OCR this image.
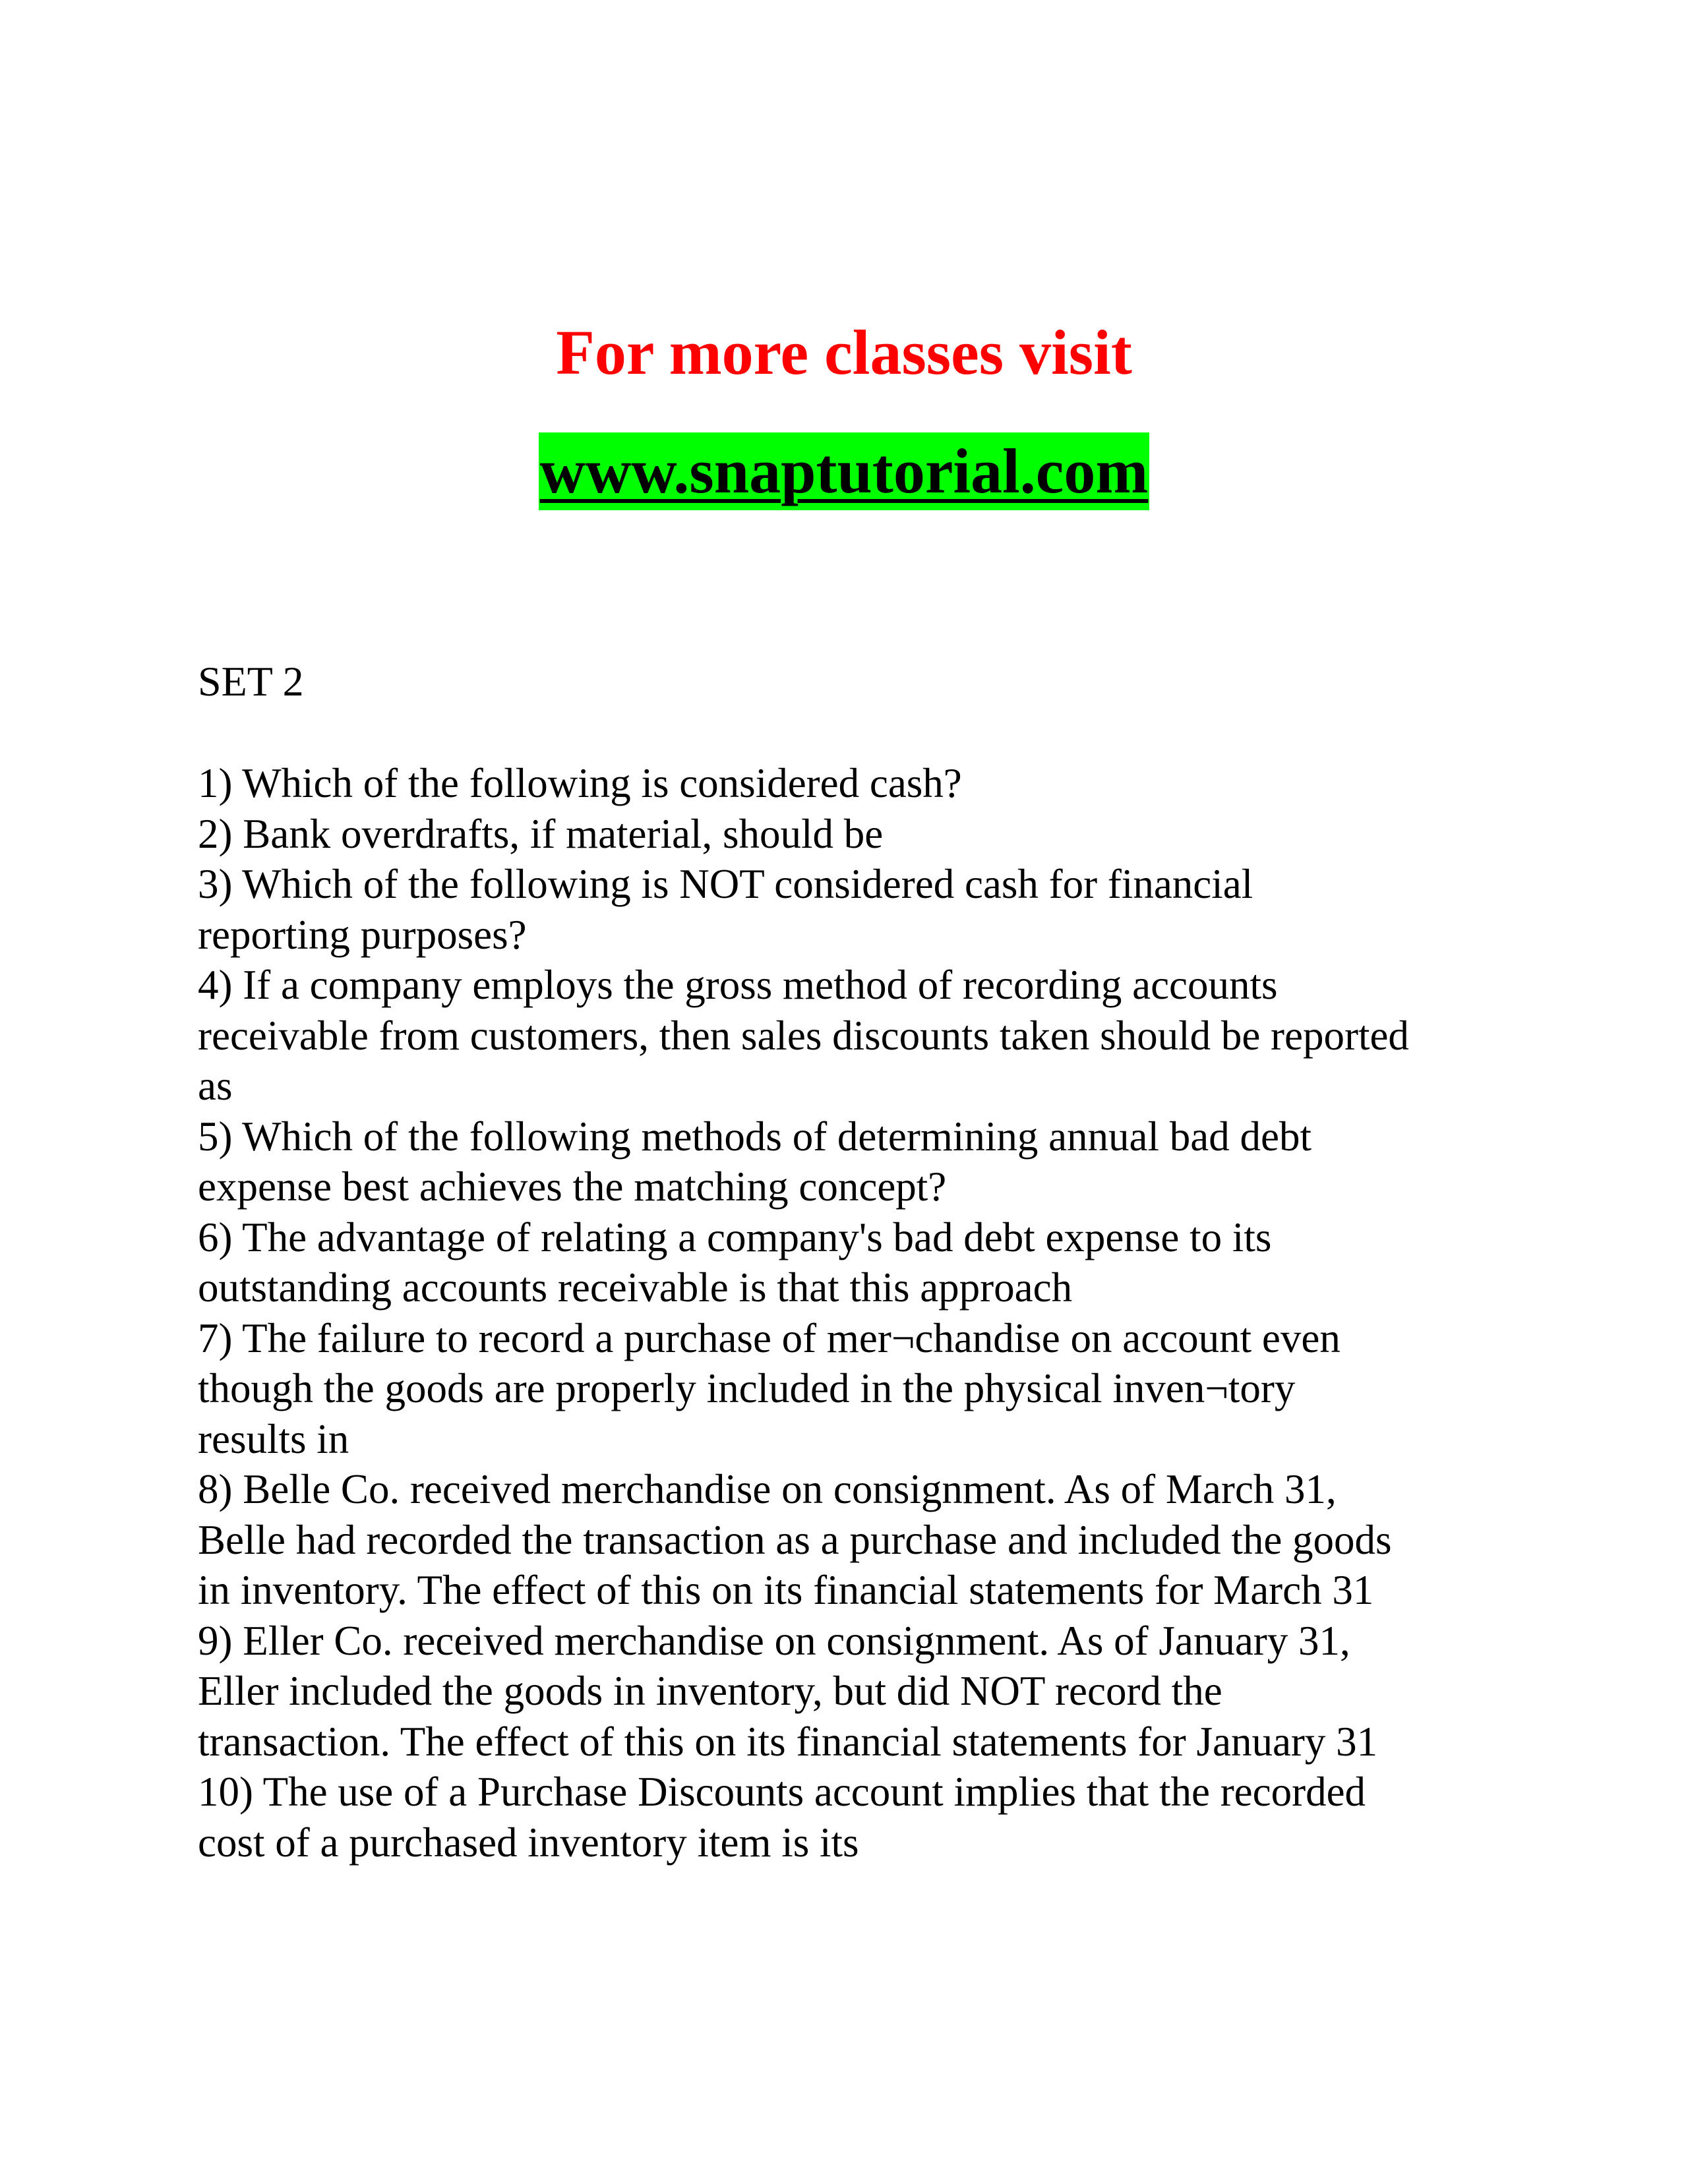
For more classes visit
www.snaptutorial.com
SET 2
1) Which of the following is considered cash?
2) Bank overdrafts, if material, should be
3) Which of the following is NOT considered cash for financial
reporting purposes?
4) If a company employs the gross method of recording accounts
receivable from customers, then sales discounts taken should be reported
as
5) Which of the following methods of determining annual bad debt
expense best achieves the matching concept?
6) The advantage of relating a company's bad debt expense to its
outstanding accounts receivable is that this approach
7) The failure to record a purchase of mer¬chandise on account even
though the goods are properly included in the physical inven¬tory
results in
8) Belle Co. received merchandise on consignment. As of March 31,
Belle had recorded the transaction as a purchase and included the goods
in inventory. The effect of this on its financial statements for March 31
9) Eller Co. received merchandise on consignment. As of January 31,
Eller included the goods in inventory, but did NOT record the
transaction. The effect of this on its financial statements for January 31
10) The use of a Purchase Discounts account implies that the recorded
cost of a purchased inventory item is its
